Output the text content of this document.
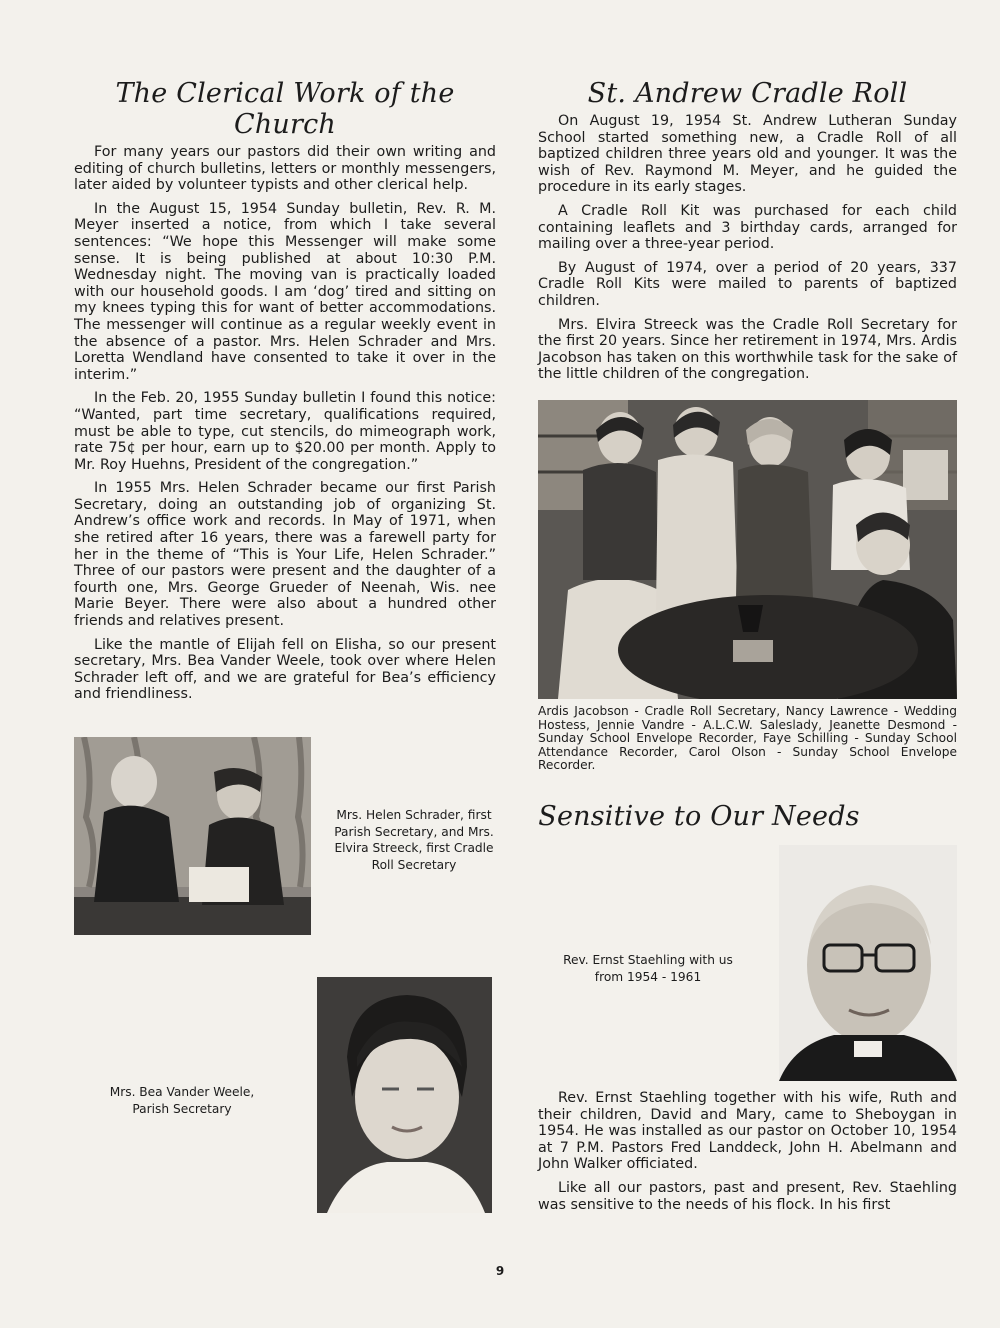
The Clerical Work of the Church

For many years our pastors did their own writing and editing of church bulletins, letters or monthly messengers, later aided by volunteer typists and other clerical help.

In the August 15, 1954 Sunday bulletin, Rev. R. M. Meyer inserted a notice, from which I take several sentences: “We hope this Messenger will make some sense. It is being published at about 10:30 P.M. Wednesday night. The moving van is practically loaded with our household goods. I am ‘dog’ tired and sitting on my knees typing this for want of better accommodations. The messenger will continue as a regular weekly event in the absence of a pastor. Mrs. Helen Schrader and Mrs. Loretta Wendland have consented to take it over in the interim.”

In the Feb. 20, 1955 Sunday bulletin I found this notice: “Wanted, part time secretary, qualifications required, must be able to type, cut stencils, do mimeograph work, rate 75¢ per hour, earn up to $20.00 per month. Apply to Mr. Roy Huehns, President of the congregation.”

In 1955 Mrs. Helen Schrader became our first Parish Secretary, doing an outstanding job of organizing St. Andrew’s office work and records. In May of 1971, when she retired after 16 years, there was a farewell party for her in the theme of “This is Your Life, Helen Schrader.” Three of our pastors were present and the daughter of a fourth one, Mrs. George Grueder of Neenah, Wis. nee Marie Beyer. There were also about a hundred other friends and relatives present.

Like the mantle of Elijah fell on Elisha, so our present secretary, Mrs. Bea Vander Weele, took over where Helen Schrader left off, and we are grateful for Bea’s efficiency and friendliness.

Mrs. Helen Schrader, first Parish Secretary, and Mrs. Elvira Streeck, first Cradle Roll Secretary
Mrs. Bea Vander Weele, Parish Secretary
St. Andrew Cradle Roll

On August 19, 1954 St. Andrew Lutheran Sunday School started something new, a Cradle Roll of all baptized children three years old and younger. It was the wish of Rev. Raymond M. Meyer, and he guided the procedure in its early stages.

A Cradle Roll Kit was purchased for each child containing leaflets and 3 birthday cards, arranged for mailing over a three-year period.

By August of 1974, over a period of 20 years, 337 Cradle Roll Kits were mailed to parents of baptized children.

Mrs. Elvira Streeck was the Cradle Roll Secretary for the first 20 years. Since her retirement in 1974, Mrs. Ardis Jacobson has taken on this worthwhile task for the sake of the little children of the congregation.

Ardis Jacobson - Cradle Roll Secretary, Nancy Lawrence - Wedding Hostess, Jennie Vandre - A.L.C.W. Saleslady, Jeanette Desmond - Sunday School Envelope Recorder, Faye Schilling - Sunday School Attendance Recorder, Carol Olson - Sunday School Envelope Recorder.
Sensitive to Our Needs
Rev. Ernst Staehling with us from 1954 - 1961

Rev. Ernst Staehling together with his wife, Ruth and their children, David and Mary, came to Sheboygan in 1954. He was installed as our pastor on October 10, 1954 at 7 P.M. Pastors Fred Landdeck, John H. Abelmann and John Walker officiated.

Like all our pastors, past and present, Rev. Staehling was sensitive to the needs of his flock. In his first

9
